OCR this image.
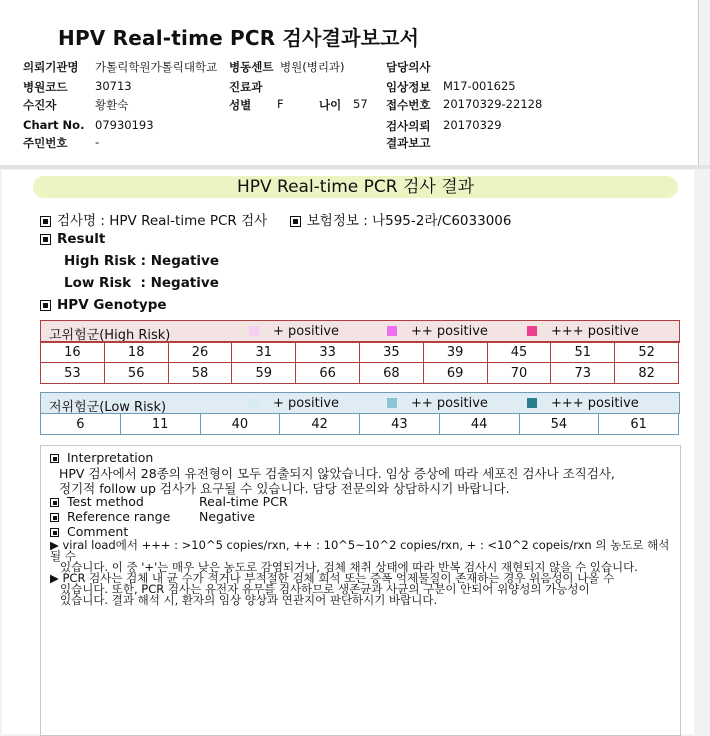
HPV Real-time PCR 검사결과보고서
의뢰기관명 가톨릭학원가톨릭대학교 병동센트 병원(병리과)	담당의사
병원코드 30713	진료과	임상정보 M17-001625
수진자	황환숙	성별 F	나이 57 접수번호 20170329-22128
Chart No. 07930193	검사의뢰 20170329
주민번호 -	결과보고
HPV Real-time PCR 검사 결과
검사명 : HPV Real-time PCR 검사	보험정보 : 나595-2라/C6033006
Result
High Risk : Negative
Low Risk  : Negative
HPV Genotype
고위험군(High Risk)	+ positive	++ positive	+++ positive
16	18	26	31	33	35	39	45	51	52
53	56	58	59	66	68	69	70	73	82
저위험군(Low Risk)	+ positive	++ positive	+++ positive
6	11	40	42	43	44	54	61
Interpretation
HPV 검사에서 28종의 유전형이 모두 검출되지 않았습니다. 임상 증상에 따라 세포진 검사나 조직검사,
정기적 follow up 검사가 요구될 수 있습니다. 담당 전문의와 상담하시기 바랍니다.
Test method	Real-time PCR
Reference range Negative
Comment

▶ viral load에서 +++ : >10^5 copies/rxn, ++ : 10^5~10^2 copies/rxn, + : <10^2 copeis/rxn 의 농도로 해석될 수

있습니다. 이 중 '+'는 매우 낮은 농도로 감염되거나, 검체 채취 상태에 따라 반복 검사시 재현되지 않을 수 있습니다.

▶ PCR 검사는 검체 내 균 수가 적거나 부적절한 검체 희석 또는 증폭 억제물질이 존재하는 경우 위음성이 나올 수

있습니다. 또한, PCR 검사는 유전자 유무를 검사하므로 생존균과 사균의 구분이 안되어 위양성의 가능성이

있습니다. 결과 해석 시, 환자의 임상 양상과 연관지어 판단하시기 바랍니다.
